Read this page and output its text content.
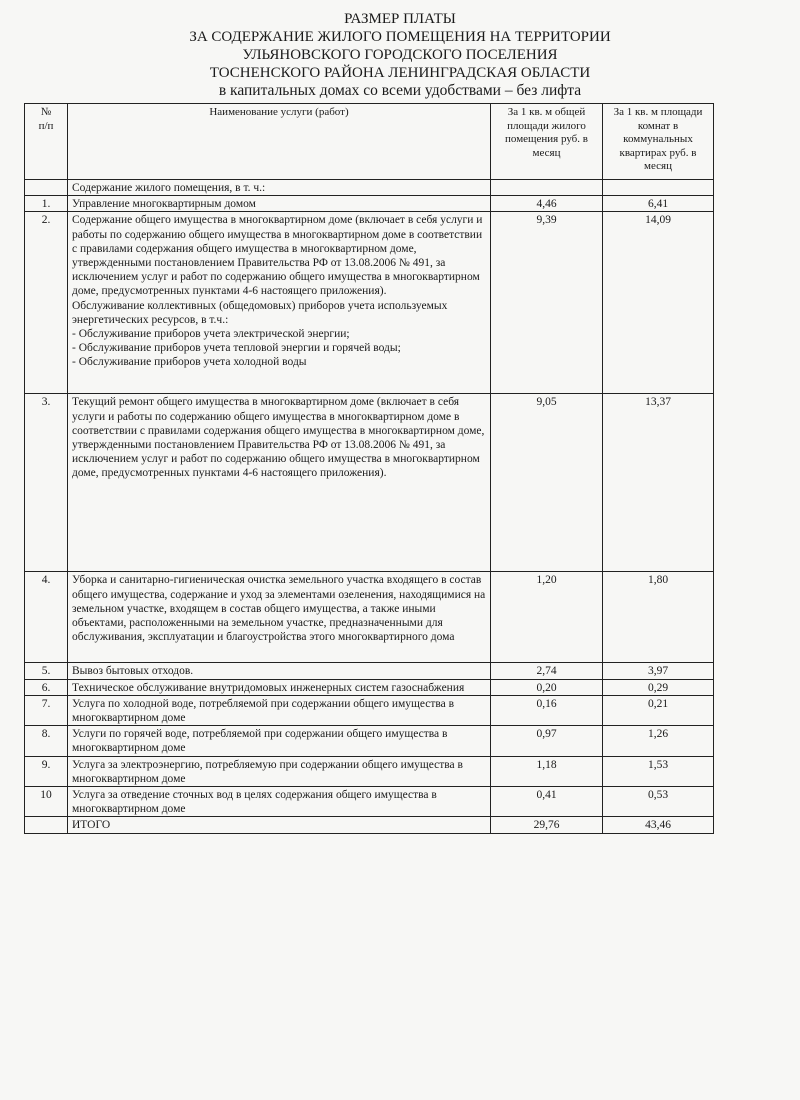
РАЗМЕР ПЛАТЫ
ЗА СОДЕРЖАНИЕ ЖИЛОГО ПОМЕЩЕНИЯ НА ТЕРРИТОРИИ
УЛЬЯНОВСКОГО ГОРОДСКОГО ПОСЕЛЕНИЯ
ТОСНЕНСКОГО РАЙОНА ЛЕНИНГРАДСКАЯ ОБЛАСТИ
в капитальных домах со всеми удобствами – без лифта
№
п/п	Наименование услуги (работ)	За 1 кв. м общей площади жилого помещения руб. в месяц	За 1 кв. м площади комнат в коммунальных квартирах руб. в месяц
	Содержание жилого помещения, в т. ч.:		
1.	Управление многоквартирным домом	4,46	6,41
2.	Содержание общего имущества в многоквартирном доме (включает в себя услуги и работы по содержанию общего имущества в многоквартирном доме в соответствии с правилами содержания общего имущества в многоквартирном доме, утвержденными постановлением Правительства РФ от 13.08.2006 № 491, за исключением услуг и работ по содержанию общего имущества в многоквартирном доме, предусмотренных пунктами 4-6 настоящего приложения).
Обслуживание коллективных (общедомовых) приборов учета используемых энергетических ресурсов, в т.ч.:
- Обслуживание приборов учета электрической энергии;
- Обслуживание приборов учета тепловой энергии и горячей воды;
- Обслуживание приборов учета холодной воды	9,39	14,09
3.	Текущий ремонт общего имущества в многоквартирном доме (включает в себя услуги и работы по содержанию общего имущества в многоквартирном доме в соответствии с правилами содержания общего имущества в многоквартирном доме, утвержденными постановлением Правительства РФ от 13.08.2006 № 491, за исключением услуг и работ по содержанию общего имущества в многоквартирном доме, предусмотренных пунктами 4-6 настоящего приложения).	9,05	13,37
4.	Уборка и санитарно-гигиеническая очистка земельного участка входящего в состав общего имущества, содержание и уход за элементами озеленения, находящимися на земельном участке, входящем в состав общего имущества, а также иными объектами, расположенными на земельном участке, предназначенными для обслуживания, эксплуатации и благоустройства этого многоквартирного дома	1,20	1,80
5.	Вывоз бытовых отходов.	2,74	3,97
6.	Техническое обслуживание внутридомовых инженерных систем газоснабжения	0,20	0,29
7.	Услуга по холодной воде, потребляемой при содержании общего имущества в многоквартирном доме	0,16	0,21
8.	Услуги по горячей воде, потребляемой при содержании общего имущества в многоквартирном доме	0,97	1,26
9.	Услуга за электроэнергию, потребляемую при содержании общего имущества в многоквартирном доме	1,18	1,53
10	Услуга за отведение сточных вод в целях содержания общего имущества в многоквартирном доме	0,41	0,53
	ИТОГО	29,76	43,46
